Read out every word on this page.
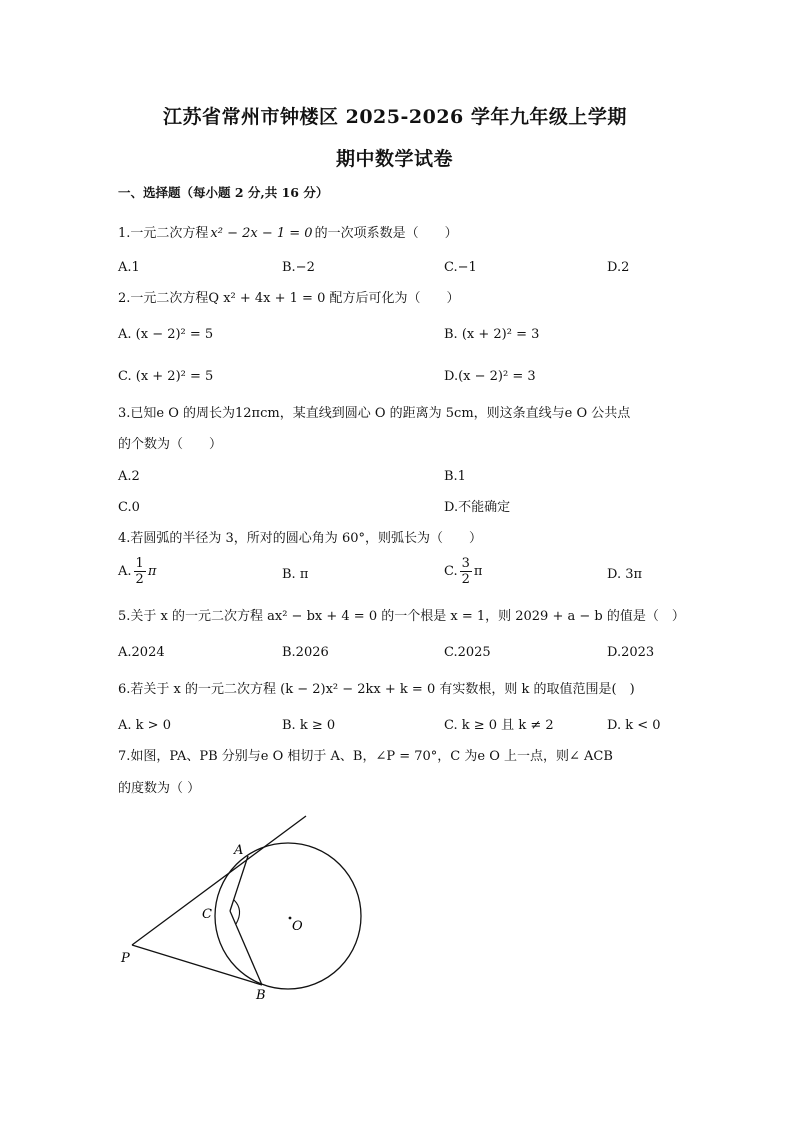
江苏省常州市钟楼区 2025-2026 学年九年级上学期
期中数学试卷
一、选择题（每小题 2 分,共 16 分）
1.一元二次方程 x² − 2x − 1 = 0 的一次项系数是（　　）
A.1	B.−2	C.−1	D.2
2.一元二次方程Q x² + 4x + 1 = 0 配方后可化为（　　）
A. (x − 2)² = 5	B. (x + 2)² = 3
C. (x + 2)² = 5	D.(x − 2)² = 3
3.已知e O 的周长为12πcm，某直线到圆心 O 的距离为 5cm，则这条直线与e O 公共点
的个数为（　　）
A.2	B.1
C.0	D.不能确定
4.若圆弧的半径为 3，所对的圆心角为 60°，则弧长为（　　）
A. $\frac{1}{2}$ π	B. π	C. $\frac{3}{2}$ π	D. 3π
5.关于 x 的一元二次方程 ax² − bx + 4 = 0 的一个根是 x = 1，则 2029 + a − b 的值是（　）
A.2024	B.2026	C.2025	D.2023
6.若关于 x 的一元二次方程 (k − 2)x² − 2kx + k = 0 有实数根，则 k 的取值范围是(　)
A. k > 0	B. k ≥ 0	C. k ≥ 0 且 k ≠ 2	D. k < 0
7.如图，PA、PB 分别与e O 相切于 A、B，∠P = 70°，C 为e O 上一点，则∠ ACB
的度数为（ ）
A
C
O
P
B
